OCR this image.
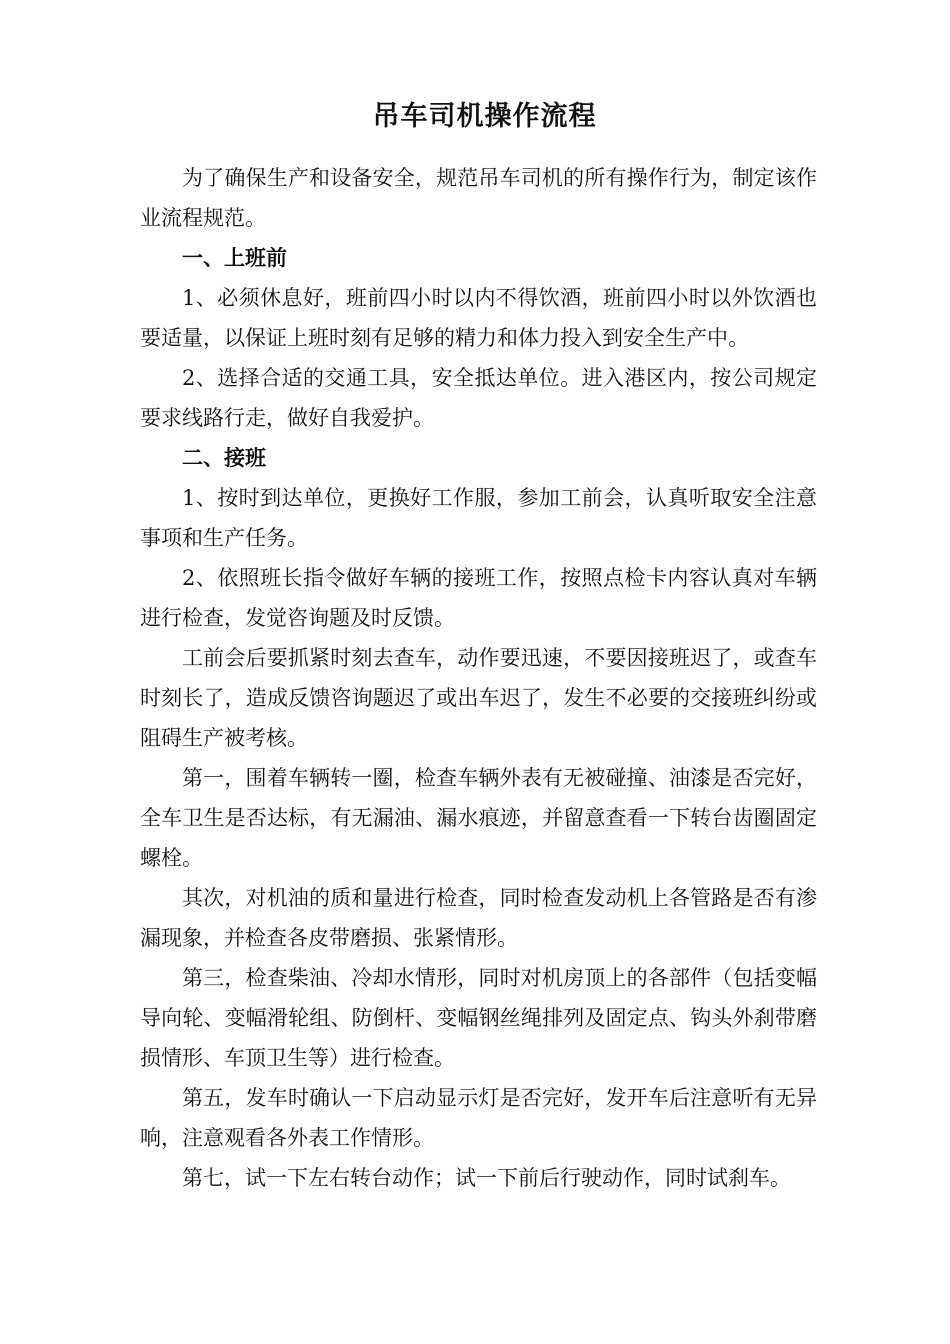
吊车司机操作流程

为了确保生产和设备安全，规范吊车司机的所有操作行为，制定该作业流程规范。

一、上班前

1、必须休息好，班前四小时以内不得饮酒，班前四小时以外饮酒也要适量，以保证上班时刻有足够的精力和体力投入到安全生产中。

2、选择合适的交通工具，安全抵达单位。进入港区内，按公司规定要求线路行走，做好自我爱护。

二、接班

1、按时到达单位，更换好工作服，参加工前会，认真听取安全注意事项和生产任务。

2、依照班长指令做好车辆的接班工作，按照点检卡内容认真对车辆进行检查，发觉咨询题及时反馈。

工前会后要抓紧时刻去查车，动作要迅速，不要因接班迟了，或查车时刻长了，造成反馈咨询题迟了或出车迟了，发生不必要的交接班纠纷或阻碍生产被考核。

第一，围着车辆转一圈，检查车辆外表有无被碰撞、油漆是否完好，全车卫生是否达标，有无漏油、漏水痕迹，并留意查看一下转台齿圈固定螺栓。

其次，对机油的质和量进行检查，同时检查发动机上各管路是否有渗漏现象，并检查各皮带磨损、张紧情形。

第三，检查柴油、冷却水情形，同时对机房顶上的各部件（包括变幅导向轮、变幅滑轮组、防倒杆、变幅钢丝绳排列及固定点、钩头外刹带磨损情形、车顶卫生等）进行检查。

第五，发车时确认一下启动显示灯是否完好，发开车后注意听有无异响，注意观看各外表工作情形。

第七，试一下左右转台动作；试一下前后行驶动作，同时试刹车。
